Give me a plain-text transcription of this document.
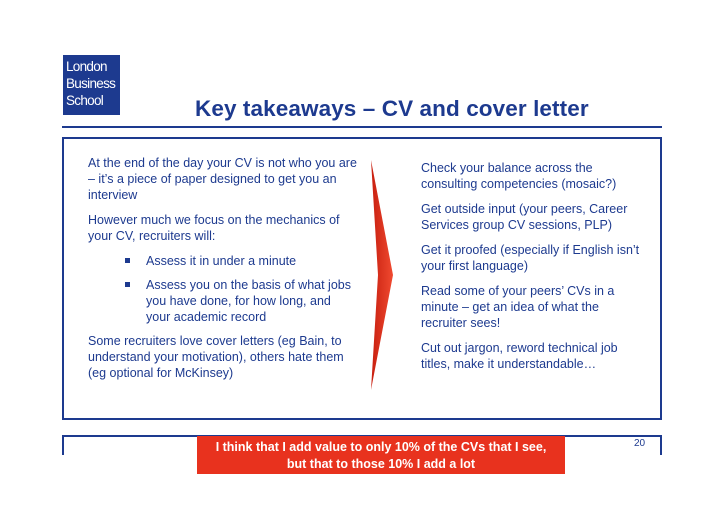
London
Business
School	Key takeaways – CV and cover letter

At the end of the day your CV is not who you are – it’s a piece of paper designed to get you an interview

However much we focus on the mechanics of your CV, recruiters will:

Assess it in under a minute
Assess you on the basis of what jobs you have done, for how long, and your academic record

Some recruiters love cover letters (eg Bain, to understand your motivation), others hate them (eg optional for McKinsey)

Check your balance across the consulting competencies (mosaic?)

Get outside input (your peers, Career Services group CV sessions, PLP)

Get it proofed (especially if English isn’t your first language)

Read some of your peers’ CVs in a minute – get an idea of what the recruiter sees!

Cut out jargon, reword technical job titles, make it understandable…

20
I think that I add value to only 10% of the CVs that I see,
but that to those 10% I add a lot
